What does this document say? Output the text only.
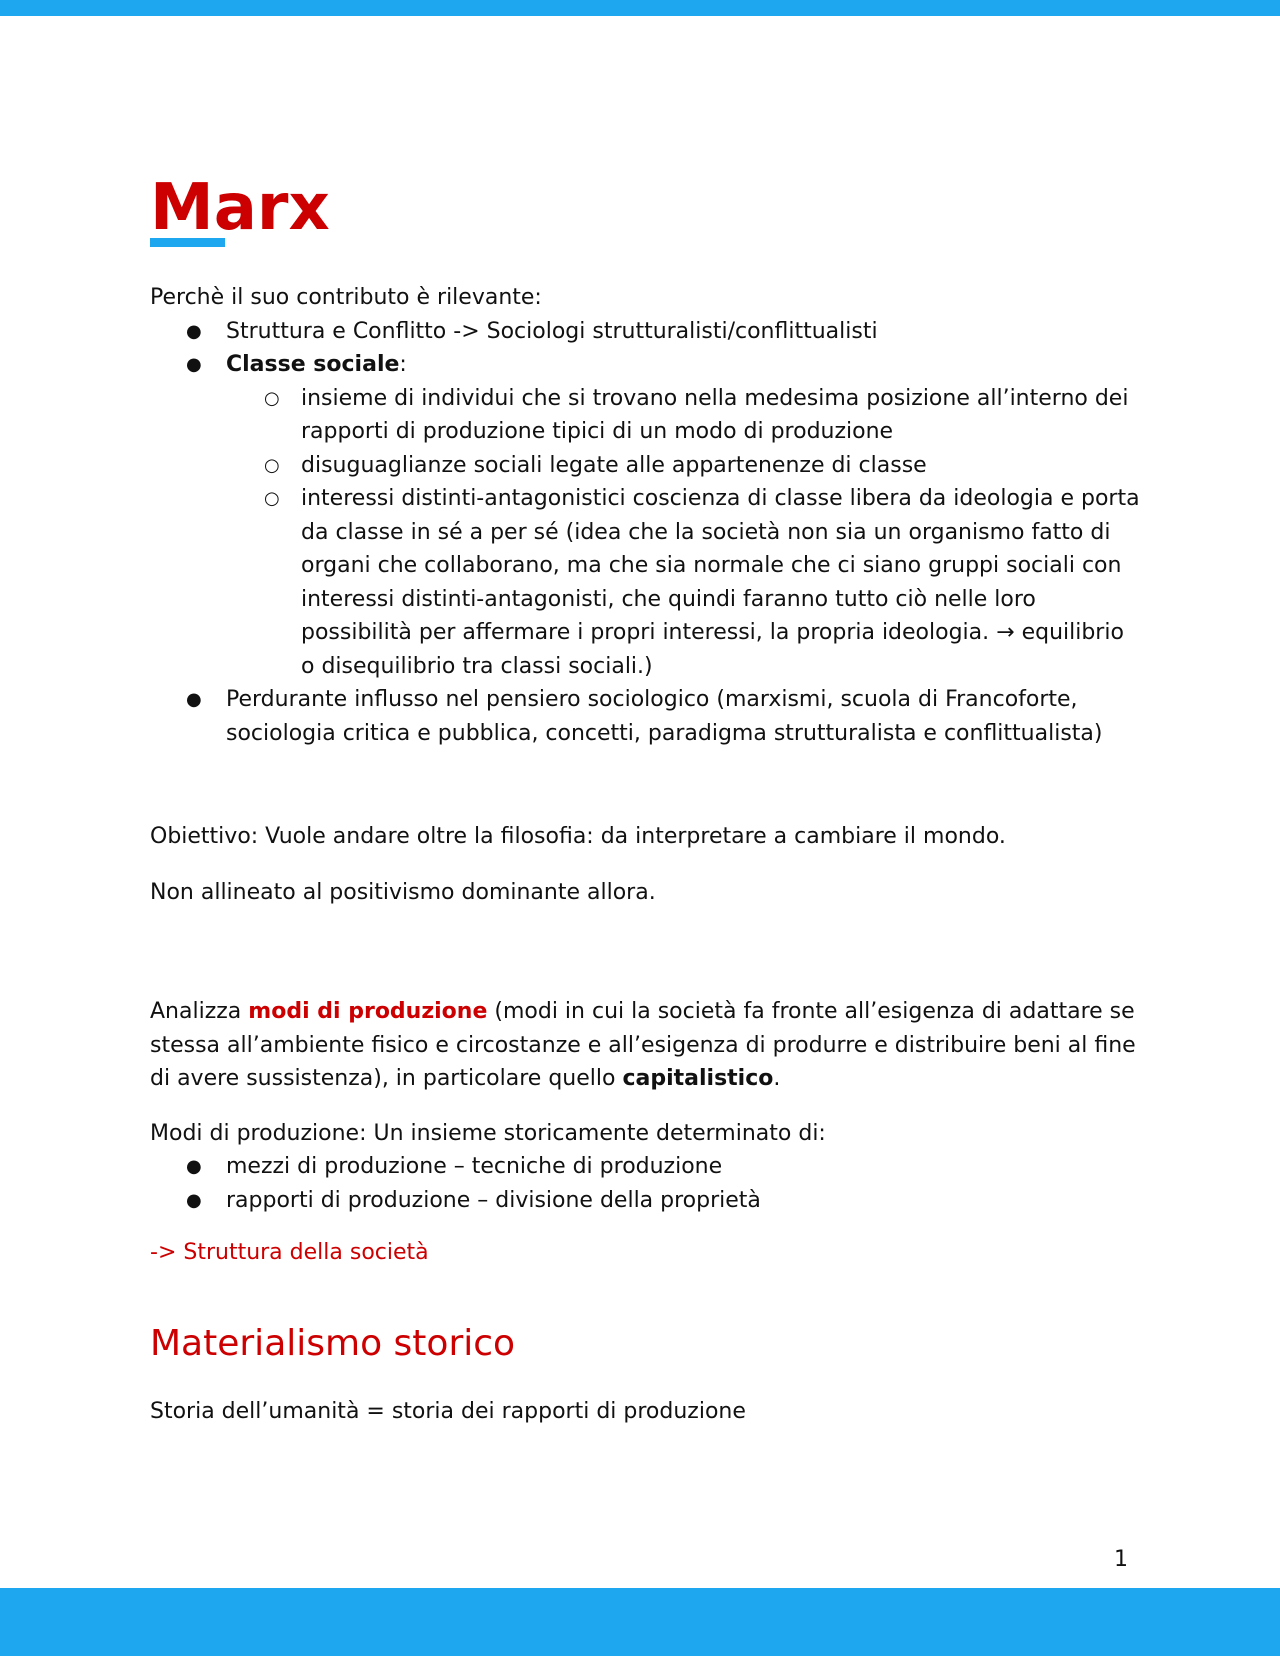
Marx

Perchè il suo contributo è rilevante:

● Struttura e Conflitto -> Sociologi strutturalisti/conflittualisti
● Classe sociale:
○ insieme di individui che si trovano nella medesima posizione all’interno dei rapporti di produzione tipici di un modo di produzione
○ disuguaglianze sociali legate alle appartenenze di classe
○ interessi distinti-antagonistici coscienza di classe libera da ideologia e porta da classe in sé a per sé (idea che la società non sia un organismo fatto di organi che collaborano, ma che sia normale che ci siano gruppi sociali con interessi distinti-antagonisti, che quindi faranno tutto ciò nelle loro possibilità per affermare i propri interessi, la propria ideologia. → equilibrio o disequilibrio tra classi sociali.)
● Perdurante influsso nel pensiero sociologico (marxismi, scuola di Francoforte, sociologia critica e pubblica, concetti, paradigma strutturalista e conflittualista)

Obiettivo: Vuole andare oltre la filosofia: da interpretare a cambiare il mondo.

Non allineato al positivismo dominante allora.

Analizza modi di produzione (modi in cui la società fa fronte all’esigenza di adattare se stessa all’ambiente fisico e circostanze e all’esigenza di produrre e distribuire beni al fine di avere sussistenza), in particolare quello capitalistico.

Modi di produzione: Un insieme storicamente determinato di:

● mezzi di produzione – tecniche di produzione
● rapporti di produzione – divisione della proprietà

-> Struttura della società

Materialismo storico

Storia dell’umanità = storia dei rapporti di produzione

1
